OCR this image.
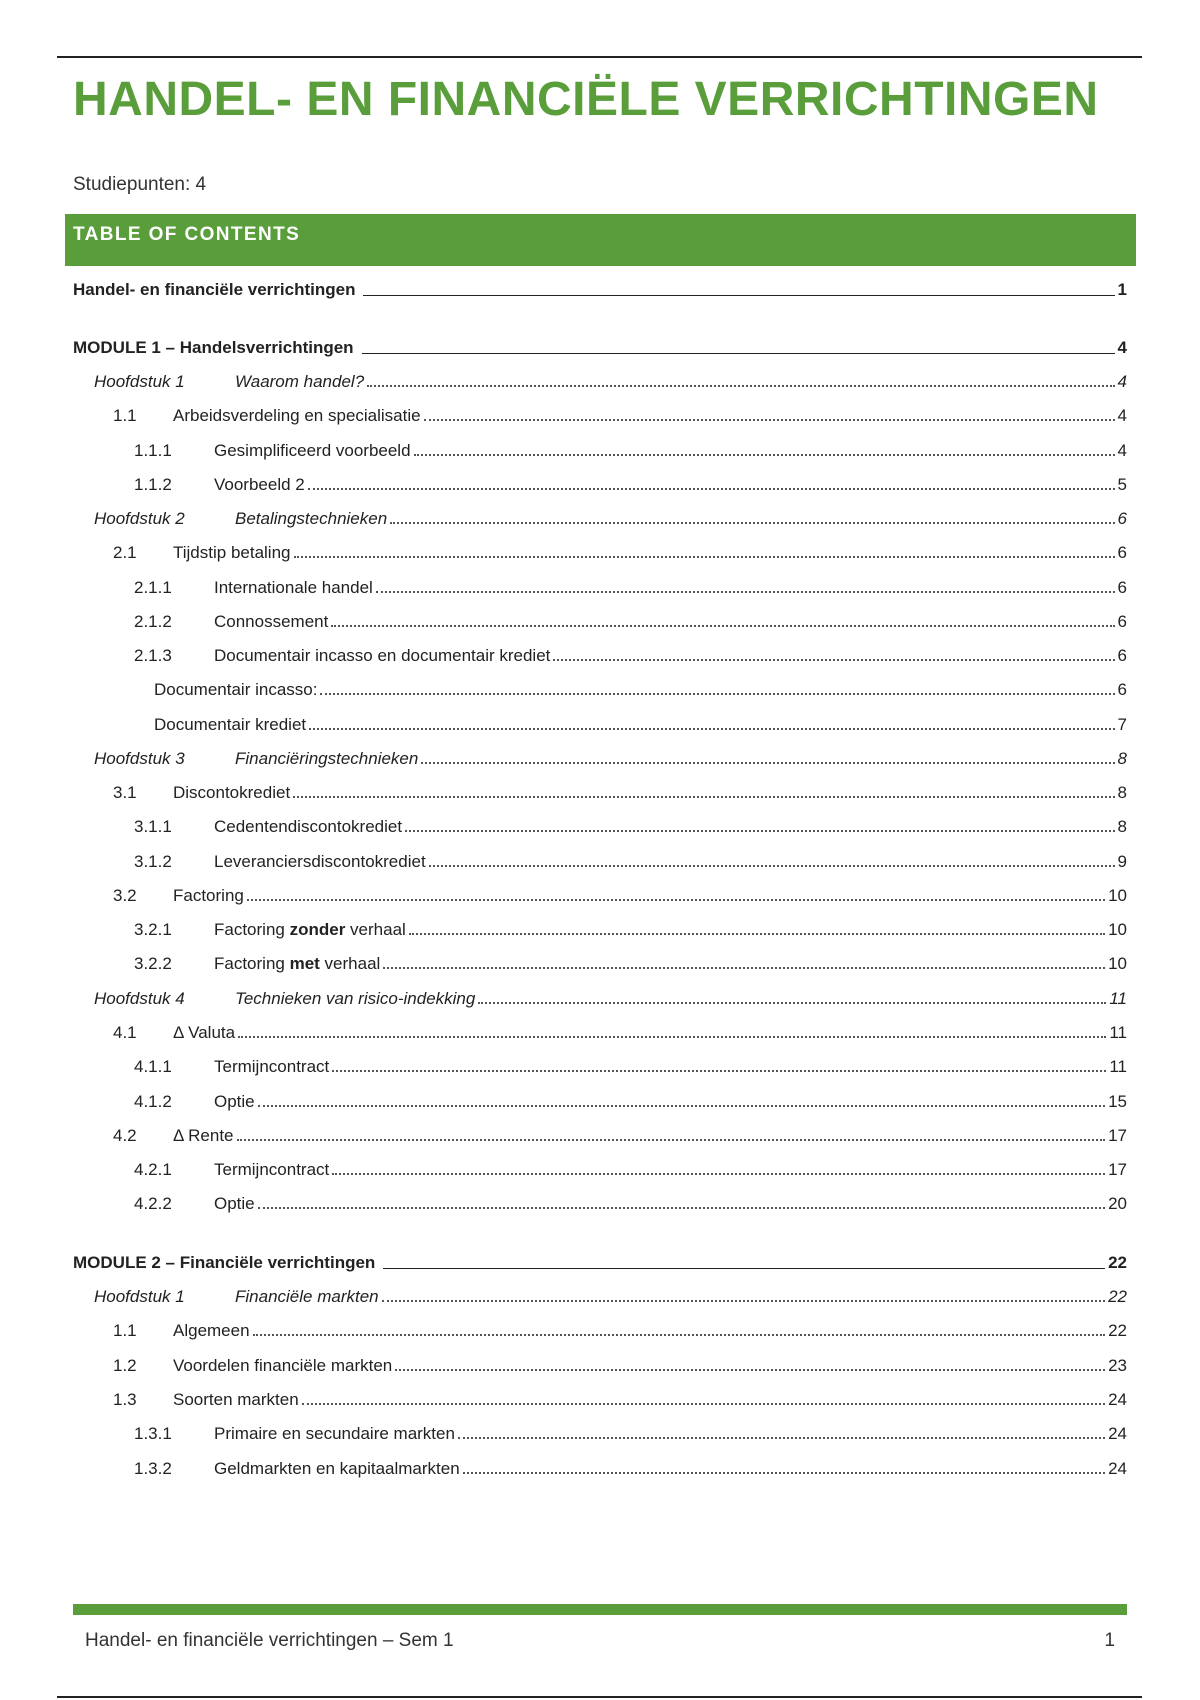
HANDEL- EN FINANCIËLE VERRICHTINGEN
Studiepunten: 4
TABLE OF CONTENTS
Handel- en financiële verrichtingen	1
MODULE 1 – Handelsverrichtingen	4
Hoofdstuk 1	Waarom handel?	4
1.1	Arbeidsverdeling en specialisatie	4
1.1.1	Gesimplificeerd voorbeeld	4
1.1.2	Voorbeeld 2	5
Hoofdstuk 2	Betalingstechnieken	6
2.1	Tijdstip betaling	6
2.1.1	Internationale handel	6
2.1.2	Connossement	6
2.1.3	Documentair incasso en documentair krediet	6
Documentair incasso:	6
Documentair krediet	7
Hoofdstuk 3	Financiëringstechnieken	8
3.1	Discontokrediet	8
3.1.1	Cedentendiscontokrediet	8
3.1.2	Leveranciersdiscontokrediet	9
3.2	Factoring	10
3.2.1	Factoring zonder verhaal	10
3.2.2	Factoring met verhaal	10
Hoofdstuk 4	Technieken van risico-indekking	11
4.1	Δ Valuta	11
4.1.1	Termijncontract	11
4.1.2	Optie	15
4.2	Δ Rente	17
4.2.1	Termijncontract	17
4.2.2	Optie	20
MODULE 2 – Financiële verrichtingen	22
Hoofdstuk 1	Financiële markten	22
1.1	Algemeen	22
1.2	Voordelen financiële markten	23
1.3	Soorten markten	24
1.3.1	Primaire en secundaire markten	24
1.3.2	Geldmarkten en kapitaalmarkten	24
Handel- en financiële verrichtingen – Sem 1	1
